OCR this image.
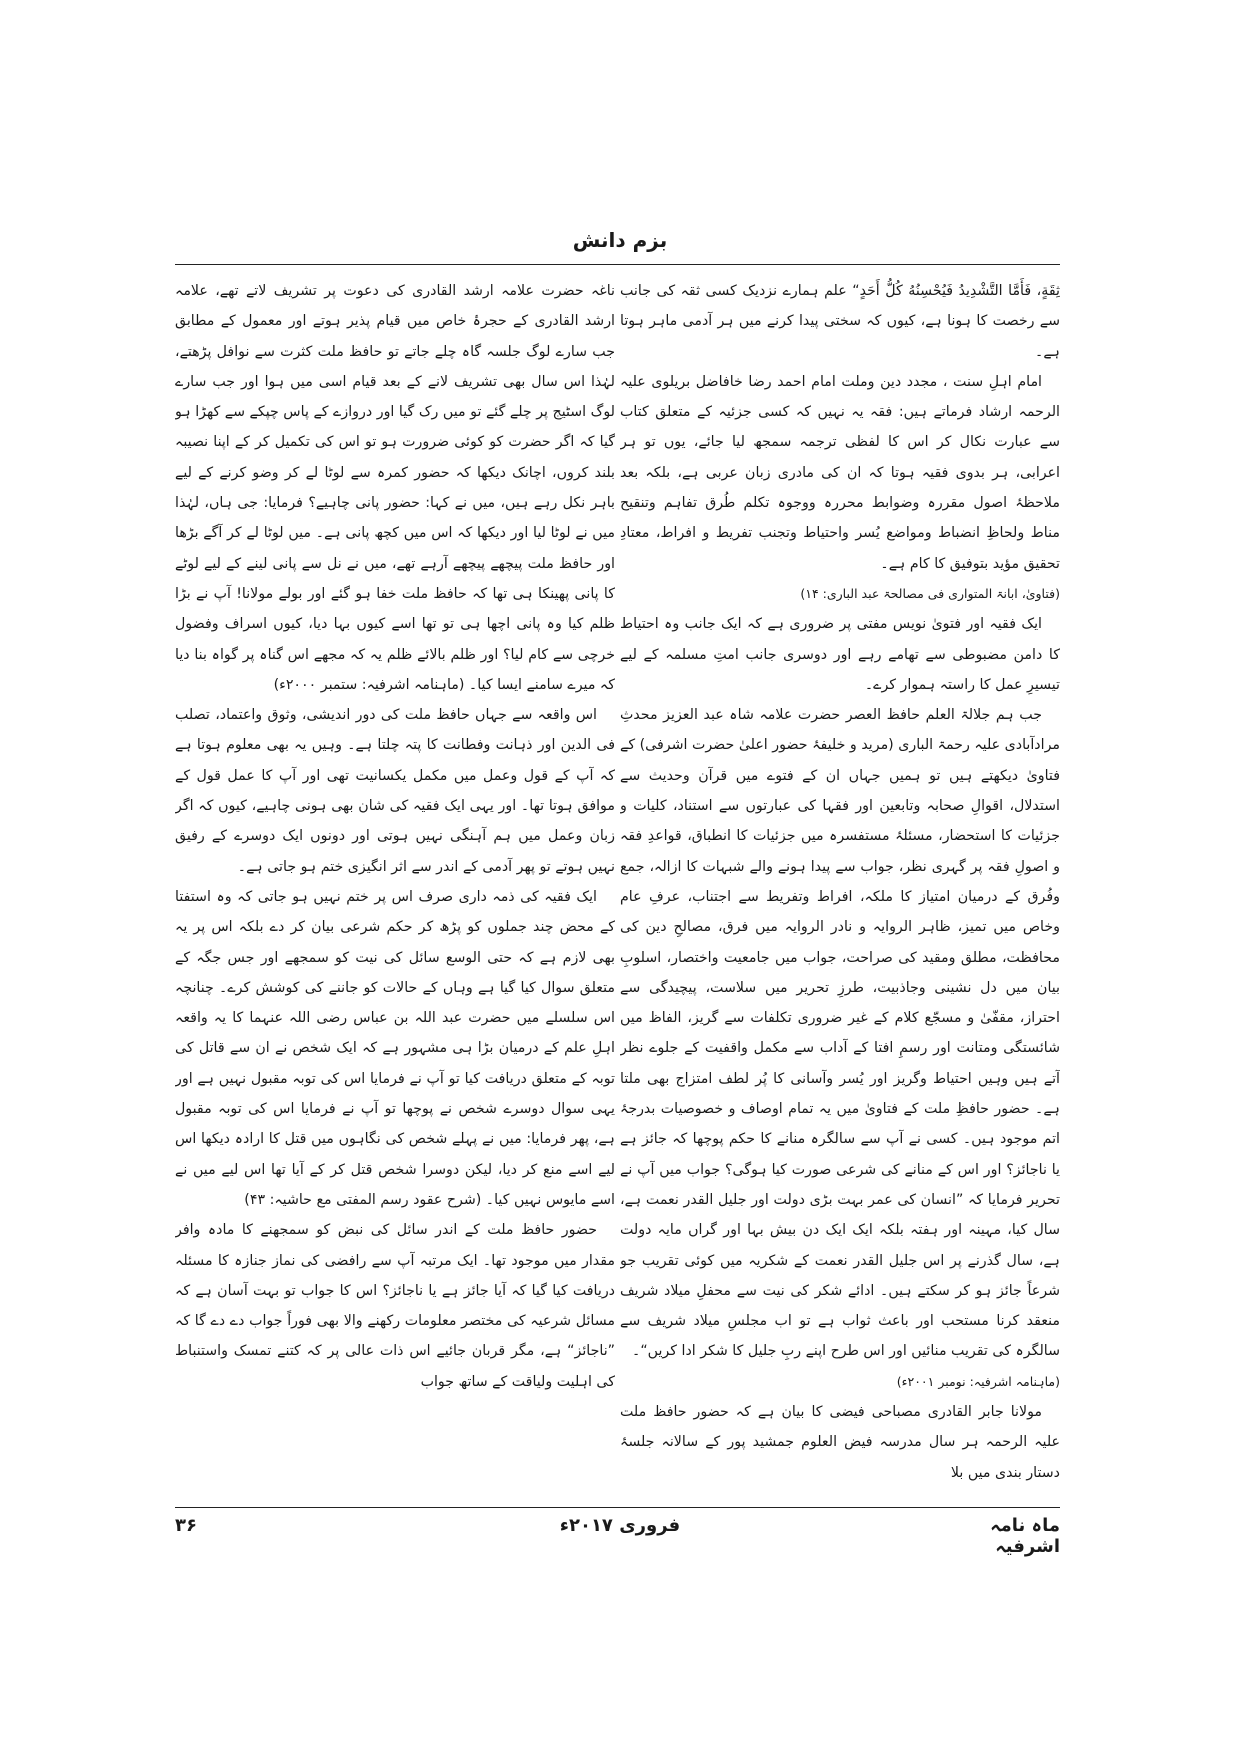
بزم دانش

ثِقَةٍ، فَأَمَّا التَّشْدِيدُ فَيُحْسِنُهُ كُلُّ أَحَدٍ“ علم ہمارے نزدیک کسی ثقہ کی جانب سے رخصت کا ہونا ہے، کیوں کہ سختی پیدا کرنے میں ہر آدمی ماہر ہوتا ہے۔

امام اہلِ سنت ، مجدد دین وملت امام احمد رضا خافاضل بریلوی علیہ الرحمہ ارشاد فرماتے ہیں: فقہ یہ نہیں کہ کسی جزئیہ کے متعلق کتاب سے عبارت نکال کر اس کا لفظی ترجمہ سمجھ لیا جائے، یوں تو ہر اعرابی، ہر بدوی فقیہ ہوتا کہ ان کی مادری زبان عربی ہے، بلکہ بعد ملاحظۂ اصول مقررہ وضوابط محررہ ووجوہ تکلم طُرق تفاہم وتنقیح مناط ولحاظِ انضباط ومواضع یُسر واحتیاط وتجنب تفریط و افراط، معتادِ تحقیق مؤید بتوفیق کا کام ہے۔

(فتاویٰ، ابانۃ المتواری فی مصالحۃ عبد الباری: ۱۴)

ایک فقیہ اور فتویٰ نویس مفتی پر ضروری ہے کہ ایک جانب وہ احتیاط کا دامن مضبوطی سے تھامے رہے اور دوسری جانب امتِ مسلمہ کے لیے تیسیرِ عمل کا راستہ ہموار کرے۔

جب ہم جلالۃ العلم حافظ العصر حضرت علامہ شاہ عبد العزیز محدثِ مرادآبادی علیہ رحمۃ الباری (مرید و خلیفۂ حضور اعلیٰ حضرت اشرفی) کے فتاویٰ دیکھتے ہیں تو ہمیں جہاں ان کے فتوے میں قرآن وحدیث سے استدلال، اقوالِ صحابہ وتابعین اور فقہا کی عبارتوں سے استناد، کلیات و جزئیات کا استحضار، مسئلۂ مستفسرہ میں جزئیات کا انطباق، قواعدِ فقہ و اصولِ فقہ پر گہری نظر، جواب سے پیدا ہونے والے شبہات کا ازالہ، جمع وفُرق کے درمیان امتیاز کا ملکہ، افراط وتفریط سے اجتناب، عرفِ عام وخاص میں تمیز، ظاہر الروایہ و نادر الروایہ میں فرق، مصالحِ دین کی محافظت، مطلق ومقید کی صراحت، جواب میں جامعیت واختصار، اسلوبِ بیان میں دل نشینی وجاذبیت، طرزِ تحریر میں سلاست، پیچیدگی سے احتراز، مقفّیٰ و مسجّع کلام کے غیر ضروری تکلفات سے گریز، الفاظ میں شائستگی ومتانت اور رسمِ افتا کے آداب سے مکمل واقفیت کے جلوے نظر آتے ہیں وہیں احتیاط وگریز اور یُسر وآسانی کا پُر لطف امتزاج بھی ملتا ہے۔ حضور حافظِ ملت کے فتاویٰ میں یہ تمام اوصاف و خصوصیات بدرجۂ اتم موجود ہیں۔ کسی نے آپ سے سالگرہ منانے کا حکم پوچھا کہ جائز ہے یا ناجائز؟ اور اس کے منانے کی شرعی صورت کیا ہوگی؟ جواب میں آپ نے تحریر فرمایا کہ ”انسان کی عمر بہت بڑی دولت اور جلیل القدر نعمت ہے، سال کیا، مہینہ اور ہفتہ بلکہ ایک ایک دن بیش بہا اور گراں مایہ دولت ہے، سال گذرنے پر اس جلیل القدر نعمت کے شکریہ میں کوئی تقریب جو شرعاً جائز ہو کر سکتے ہیں۔ ادائے شکر کی نیت سے محفلِ میلاد شریف منعقد کرنا مستحب اور باعث ثواب ہے تو اب مجلسِ میلاد شریف سے سالگرہ کی تقریب منائیں اور اس طرح اپنے ربِ جلیل کا شکر ادا کریں“۔

(ماہنامہ اشرفیہ: نومبر ۲۰۰۱ء)

مولانا جابر القادری مصباحی فیضی کا بیان ہے کہ حضور حافظ ملت علیہ الرحمہ ہر سال مدرسہ فیض العلوم جمشید پور کے سالانہ جلسۂ دستار بندی میں بلا

ناغہ حضرت علامہ ارشد القادری کی دعوت پر تشریف لاتے تھے، علامہ ارشد القادری کے حجرۂ خاص میں قیام پذیر ہوتے اور معمول کے مطابق جب سارے لوگ جلسہ گاہ چلے جاتے تو حافظ ملت کثرت سے نوافل پڑھتے، لہٰذا اس سال بھی تشریف لانے کے بعد قیام اسی میں ہوا اور جب سارے لوگ اسٹیج پر چلے گئے تو میں رک گیا اور دروازے کے پاس چپکے سے کھڑا ہو گیا کہ اگر حضرت کو کوئی ضرورت ہو تو اس کی تکمیل کر کے اپنا نصیبہ بلند کروں، اچانک دیکھا کہ حضور کمرہ سے لوٹا لے کر وضو کرنے کے لیے باہر نکل رہے ہیں، میں نے کہا: حضور پانی چاہیے؟ فرمایا: جی ہاں، لہٰذا میں نے لوٹا لیا اور دیکھا کہ اس میں کچھ پانی ہے۔ میں لوٹا لے کر آگے بڑھا اور حافظ ملت پیچھے پیچھے آرہے تھے، میں نے نل سے پانی لینے کے لیے لوٹے کا پانی پھینکا ہی تھا کہ حافظ ملت خفا ہو گئے اور بولے مولانا! آپ نے بڑا ظلم کیا وہ پانی اچھا ہی تو تھا اسے کیوں بہا دیا، کیوں اسراف وفضول خرچی سے کام لیا؟ اور ظلم بالائے ظلم یہ کہ مجھے اس گناہ پر گواہ بنا دیا کہ میرے سامنے ایسا کیا۔ (ماہنامہ اشرفیہ: ستمبر ۲۰۰۰ء)

اس واقعہ سے جہاں حافظ ملت کی دور اندیشی، وثوق واعتماد، تصلب فی الدین اور ذہانت وفطانت کا پتہ چلتا ہے۔ وہیں یہ بھی معلوم ہوتا ہے کہ آپ کے قول وعمل میں مکمل یکسانیت تھی اور آپ کا عمل قول کے موافق ہوتا تھا۔ اور یہی ایک فقیہ کی شان بھی ہونی چاہیے، کیوں کہ اگر زبان وعمل میں ہم آہنگی نہیں ہوتی اور دونوں ایک دوسرے کے رفیق نہیں ہوتے تو پھر آدمی کے اندر سے اثر انگیزی ختم ہو جاتی ہے۔

ایک فقیہ کی ذمہ داری صرف اس پر ختم نہیں ہو جاتی کہ وہ استفتا کے محض چند جملوں کو پڑھ کر حکم شرعی بیان کر دے بلکہ اس پر یہ بھی لازم ہے کہ حتی الوسع سائل کی نیت کو سمجھے اور جس جگہ کے متعلق سوال کیا گیا ہے وہاں کے حالات کو جاننے کی کوشش کرے۔ چنانچہ اس سلسلے میں حضرت عبد اللہ بن عباس رضی اللہ عنہما کا یہ واقعہ اہلِ علم کے درمیان بڑا ہی مشہور ہے کہ ایک شخص نے ان سے قاتل کی توبہ کے متعلق دریافت کیا تو آپ نے فرمایا اس کی توبہ مقبول نہیں ہے اور یہی سوال دوسرے شخص نے پوچھا تو آپ نے فرمایا اس کی توبہ مقبول ہے، پھر فرمایا: میں نے پہلے شخص کی نگاہوں میں قتل کا ارادہ دیکھا اس لیے اسے منع کر دیا، لیکن دوسرا شخص قتل کر کے آیا تھا اس لیے میں نے اسے مایوس نہیں کیا۔ (شرح عقود رسم المفتی مع حاشیہ: ۴۳)

حضور حافظ ملت کے اندر سائل کی نبض کو سمجھنے کا مادہ وافر مقدار میں موجود تھا۔ ایک مرتبہ آپ سے رافضی کی نماز جنازہ کا مسئلہ دریافت کیا گیا کہ آیا جائز ہے یا ناجائز؟ اس کا جواب تو بہت آسان ہے کہ مسائل شرعیہ کی مختصر معلومات رکھنے والا بھی فوراً جواب دے دے گا کہ ”ناجائز“ ہے، مگر قربان جائیے اس ذات عالی پر کہ کتنے تمسک واستنباط کی اہلیت ولیاقت کے ساتھ جواب

ماہ نامہ اشرفیہ
فروری ۲۰۱۷ء
۳۶
